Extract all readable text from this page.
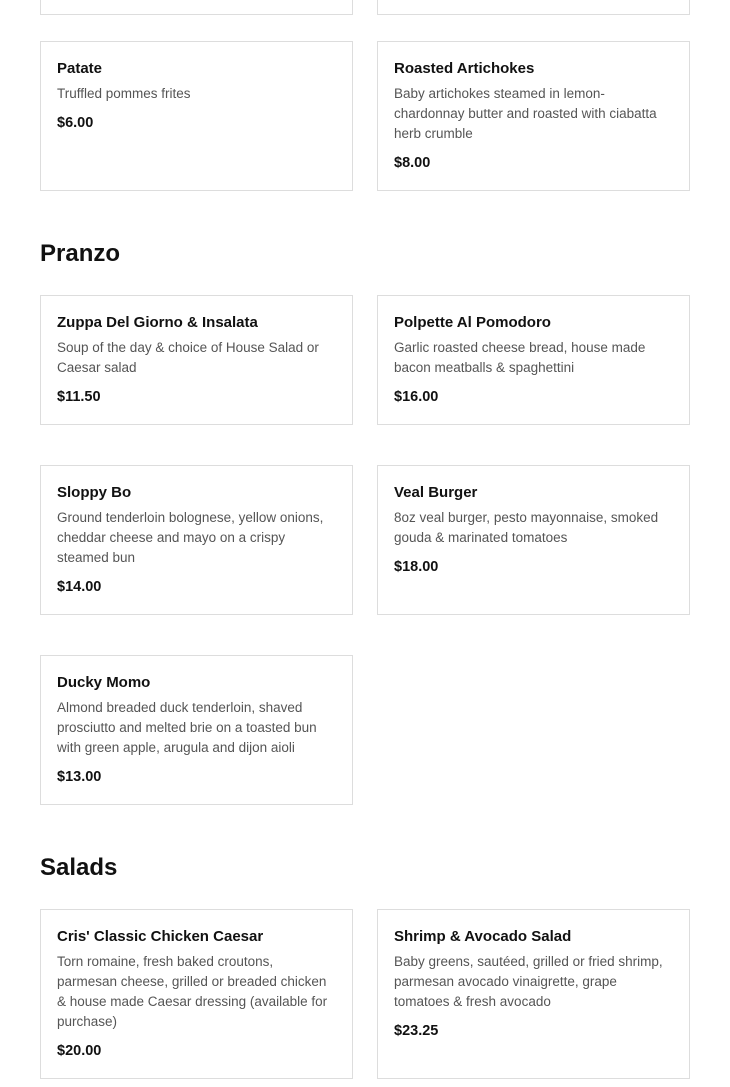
Patate

Truffled pommes frites

$6.00

Roasted Artichokes

Baby artichokes steamed in lemon-chardonnay butter and roasted with ciabatta herb crumble

$8.00

Pranzo

Zuppa Del Giorno & Insalata

Soup of the day & choice of House Salad or Caesar salad

$11.50

Polpette Al Pomodoro

Garlic roasted cheese bread, house made bacon meatballs & spaghettini

$16.00

Sloppy Bo

Ground tenderloin bolognese, yellow onions, cheddar cheese and mayo on a crispy steamed bun

$14.00

Veal Burger

8oz veal burger, pesto mayonnaise, smoked gouda & marinated tomatoes

$18.00

Ducky Momo

Almond breaded duck tenderloin, shaved prosciutto and melted brie on a toasted bun with green apple, arugula and dijon aioli

$13.00

Salads

Cris' Classic Chicken Caesar

Torn romaine, fresh baked croutons, parmesan cheese, grilled or breaded chicken & house made Caesar dressing (available for purchase)

$20.00

Shrimp & Avocado Salad

Baby greens, sautéed, grilled or fried shrimp, parmesan avocado vinaigrette, grape tomatoes & fresh avocado

$23.25
